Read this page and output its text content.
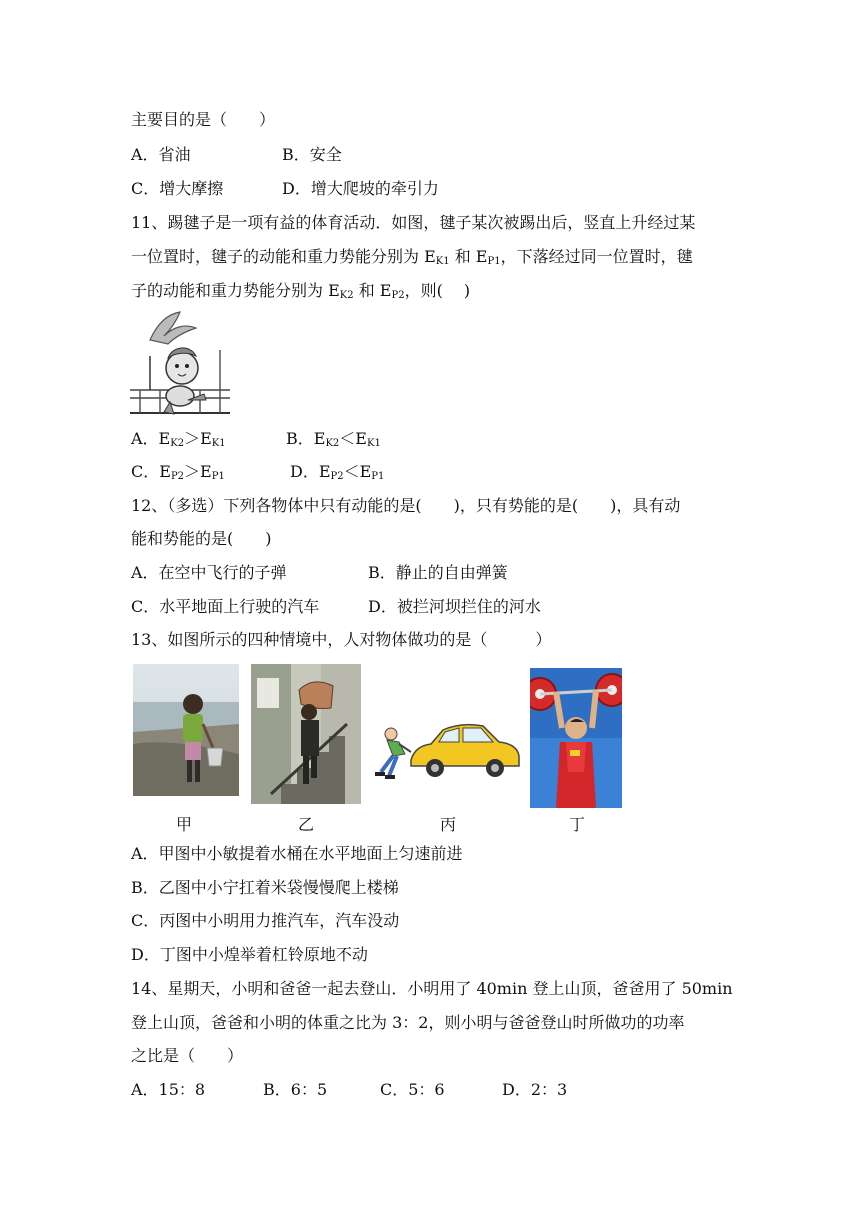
主要目的是（　　）
A．省油	B．安全
C．增大摩擦	D．增大爬坡的牵引力
11、踢毽子是一项有益的体育活动．如图，毽子某次被踢出后，竖直上升经过某
一位置时，毽子的动能和重力势能分别为 $E_{K1}$ 和 $E_{P1}$，下落经过同一位置时，毽
子的动能和重力势能分别为 $E_{K2}$ 和 $E_{P2}$，则(　 )
A．$E_{K2}>E_{K1}$	B．$E_{K2}<E_{K1}$
C．$E_{P2}>E_{P1}$	D．$E_{P2}<E_{P1}$
12、（多选）下列各物体中只有动能的是(　　)，只有势能的是(　　)，具有动
能和势能的是(　　)
A．在空中飞行的子弹	B．静止的自由弹簧
C．水平地面上行驶的汽车	D．被拦河坝拦住的河水
13、如图所示的四种情境中，人对物体做功的是（　　　）
甲	乙	丙	丁
A．甲图中小敏提着水桶在水平地面上匀速前进
B．乙图中小宁扛着米袋慢慢爬上楼梯
C．丙图中小明用力推汽车，汽车没动
D．丁图中小煌举着杠铃原地不动
14、星期天，小明和爸爸一起去登山．小明用了 40min 登上山顶，爸爸用了 50min
登上山顶，爸爸和小明的体重之比为 3：2，则小明与爸爸登山时所做功的功率
之比是（　　）
A．15：8	B．6：5	C．5：6	D．2：3
